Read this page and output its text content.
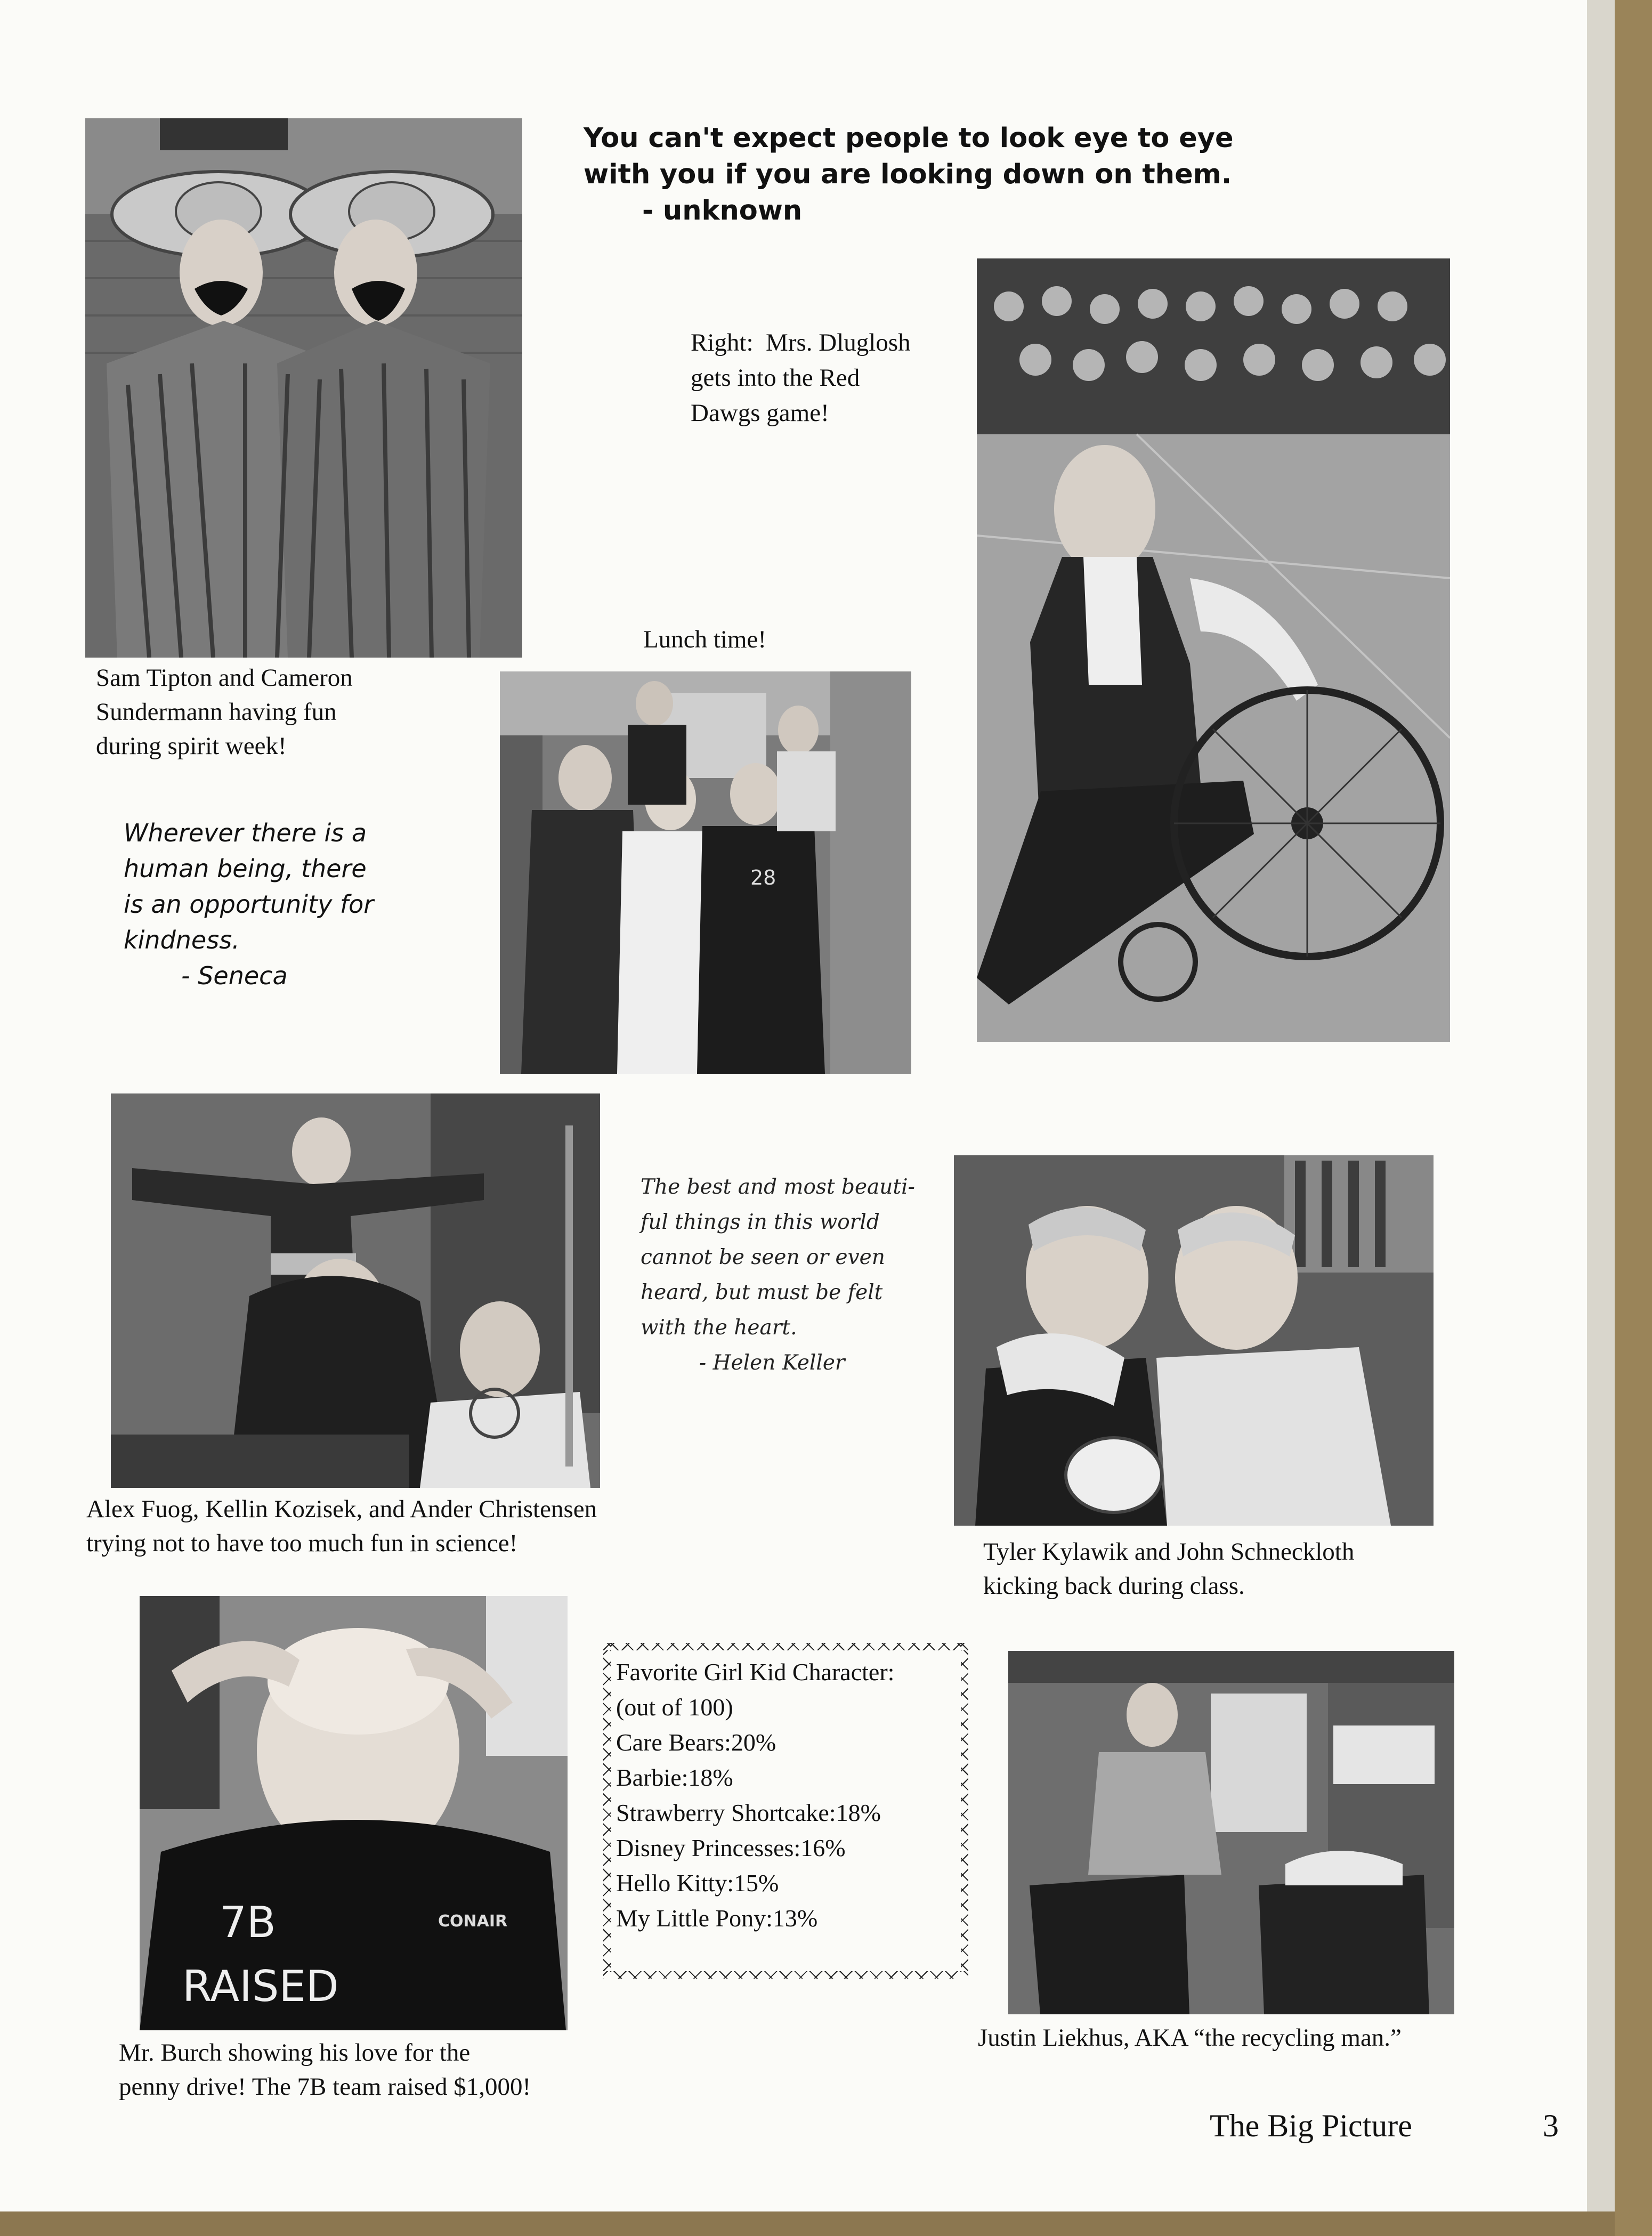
You can't expect people to look eye to eye
with you if you are looking down on them.
- unknown

Right:  Mrs. Dluglosh
gets into the Red
Dawgs game!

Sam Tipton and Cameron
Sundermann having fun
during spirit week!

Lunch time!

28

Wherever there is a
human being, there
is an opportunity for
kindness.
- Seneca

The best and most beauti-
ful things in this world
cannot be seen or even
heard, but must be felt
with the heart.
- Helen Keller

Alex Fuog, Kellin Kozisek, and Ander Christensen
trying not to have too much fun in science!	Tyler Kylawik and John Schneckloth
kicking back during class.

7B
RAISED
CONAIR
Favorite Girl Kid Character:
(out of 100)
Care Bears:20%
Barbie:18%
Strawberry Shortcake:18%
Disney Princesses:16%
Hello Kitty:15%
My Little Pony:13%

Mr. Burch showing his love for the
penny drive! The 7B team raised $1,000!

Justin Liekhus, AKA “the recycling man.”

The Big Picture	3
